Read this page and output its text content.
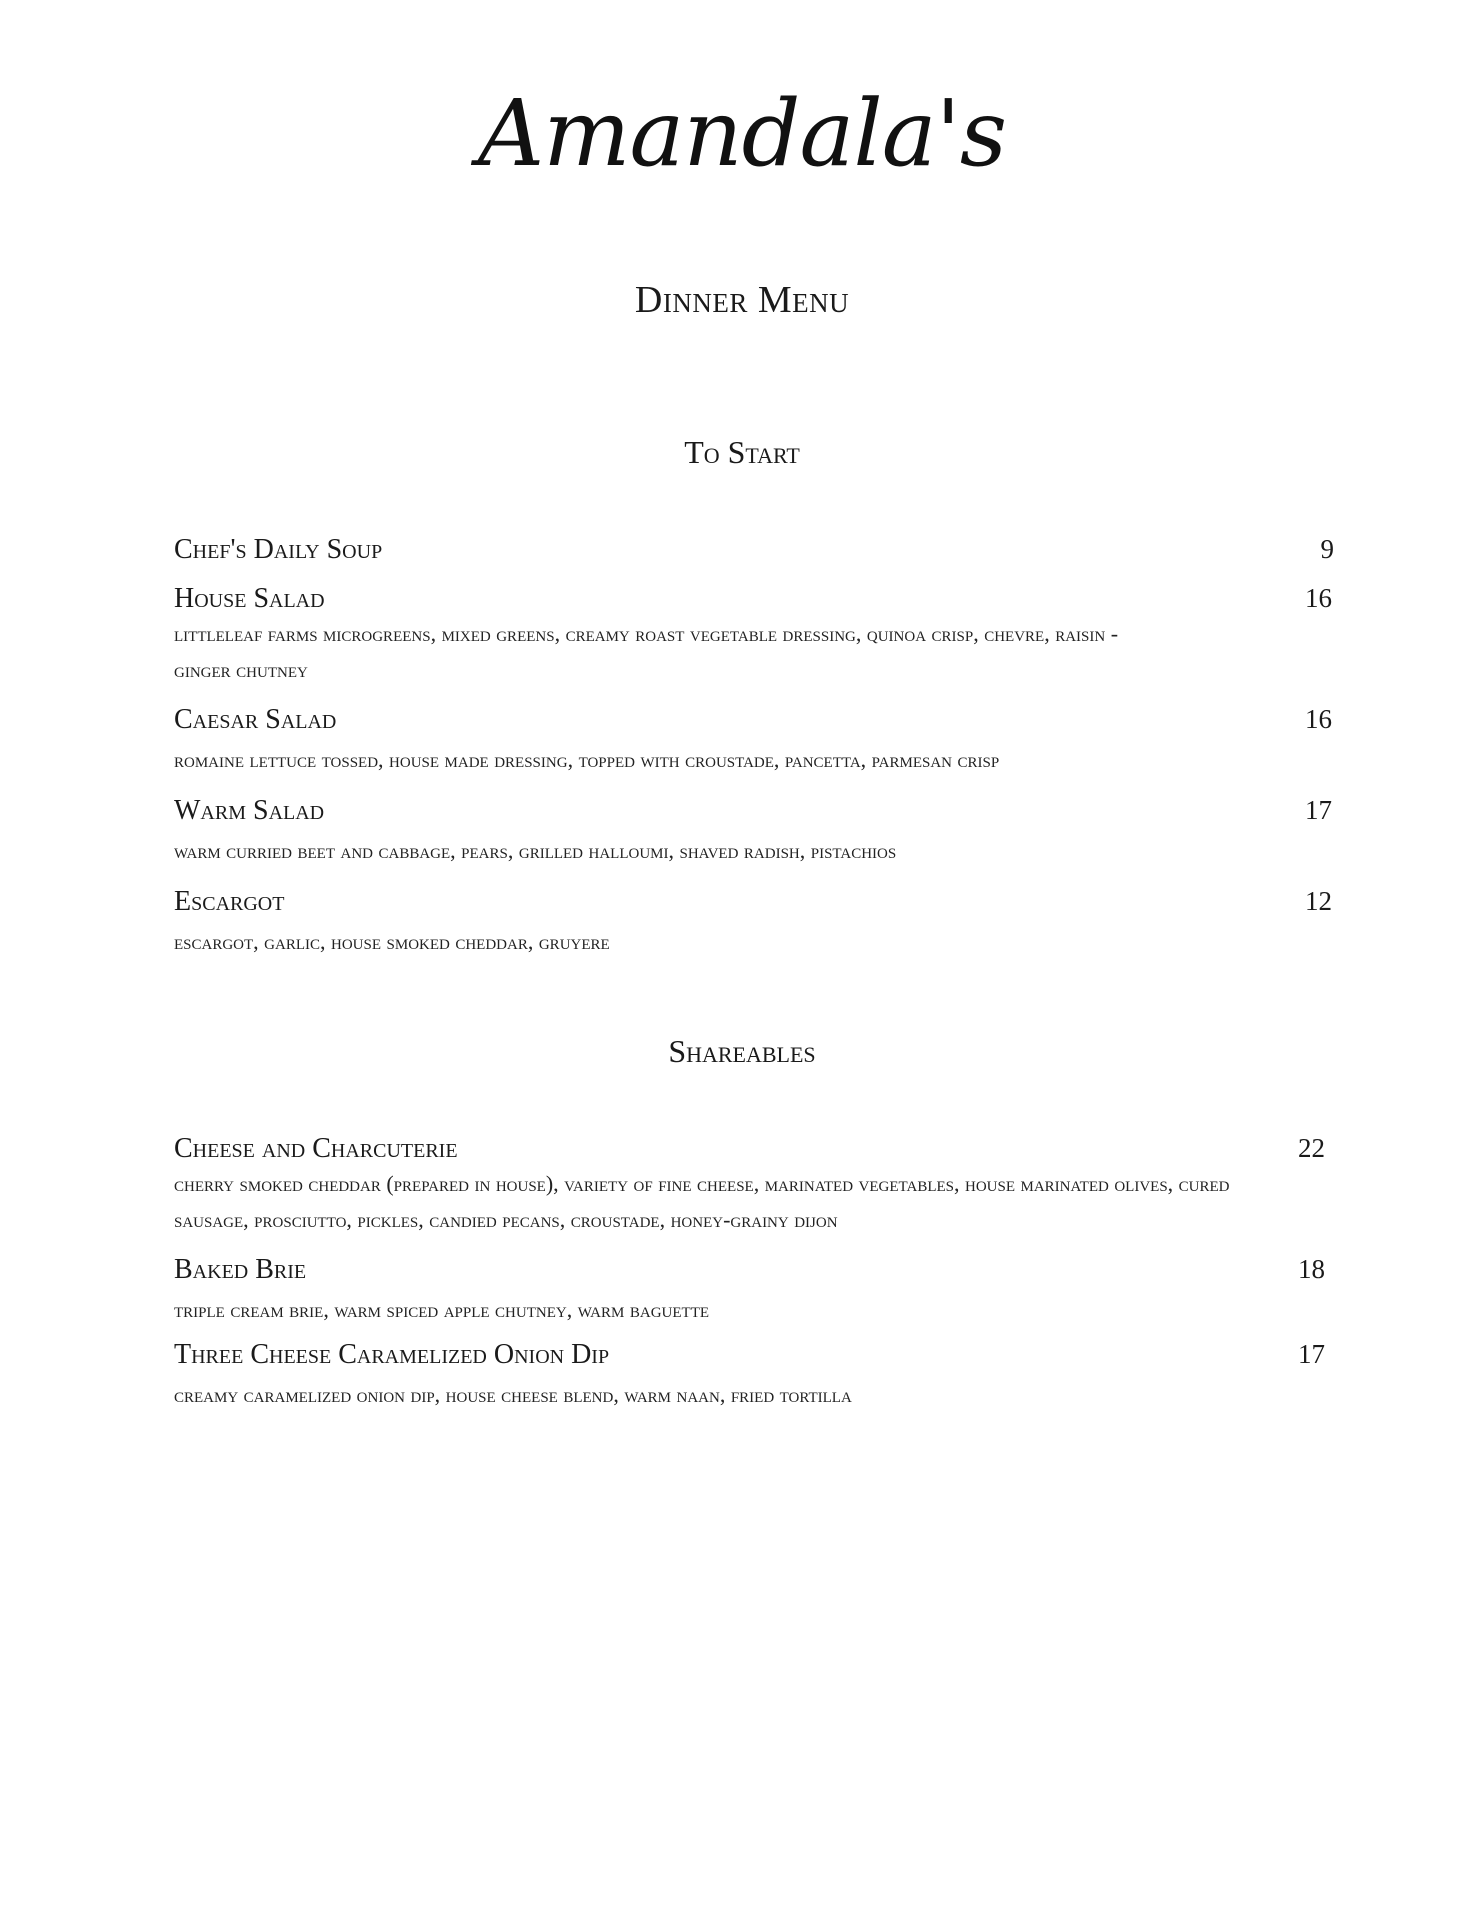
Amandala's
Dinner Menu
To Start
Chef's Daily Soup	9
House Salad	16
littleleaf farms microgreens, mixed greens, creamy roast vegetable dressing, quinoa crisp, chevre, raisin - ginger chutney
Caesar Salad	16
romaine lettuce tossed, house made dressing, topped with croustade, pancetta, parmesan crisp
Warm Salad	17
warm curried beet and cabbage, pears, grilled halloumi, shaved radish, pistachios
Escargot	12
escargot, garlic, house smoked cheddar, gruyere
Shareables
Cheese and Charcuterie	22
cherry smoked cheddar (prepared in house), variety of fine cheese, marinated vegetables, house marinated olives, cured sausage, prosciutto, pickles, candied pecans, croustade, honey-grainy dijon
Baked Brie	18
triple cream brie, warm spiced apple chutney, warm baguette
Three Cheese Caramelized Onion Dip	17
creamy caramelized onion dip, house cheese blend, warm naan, fried tortilla
